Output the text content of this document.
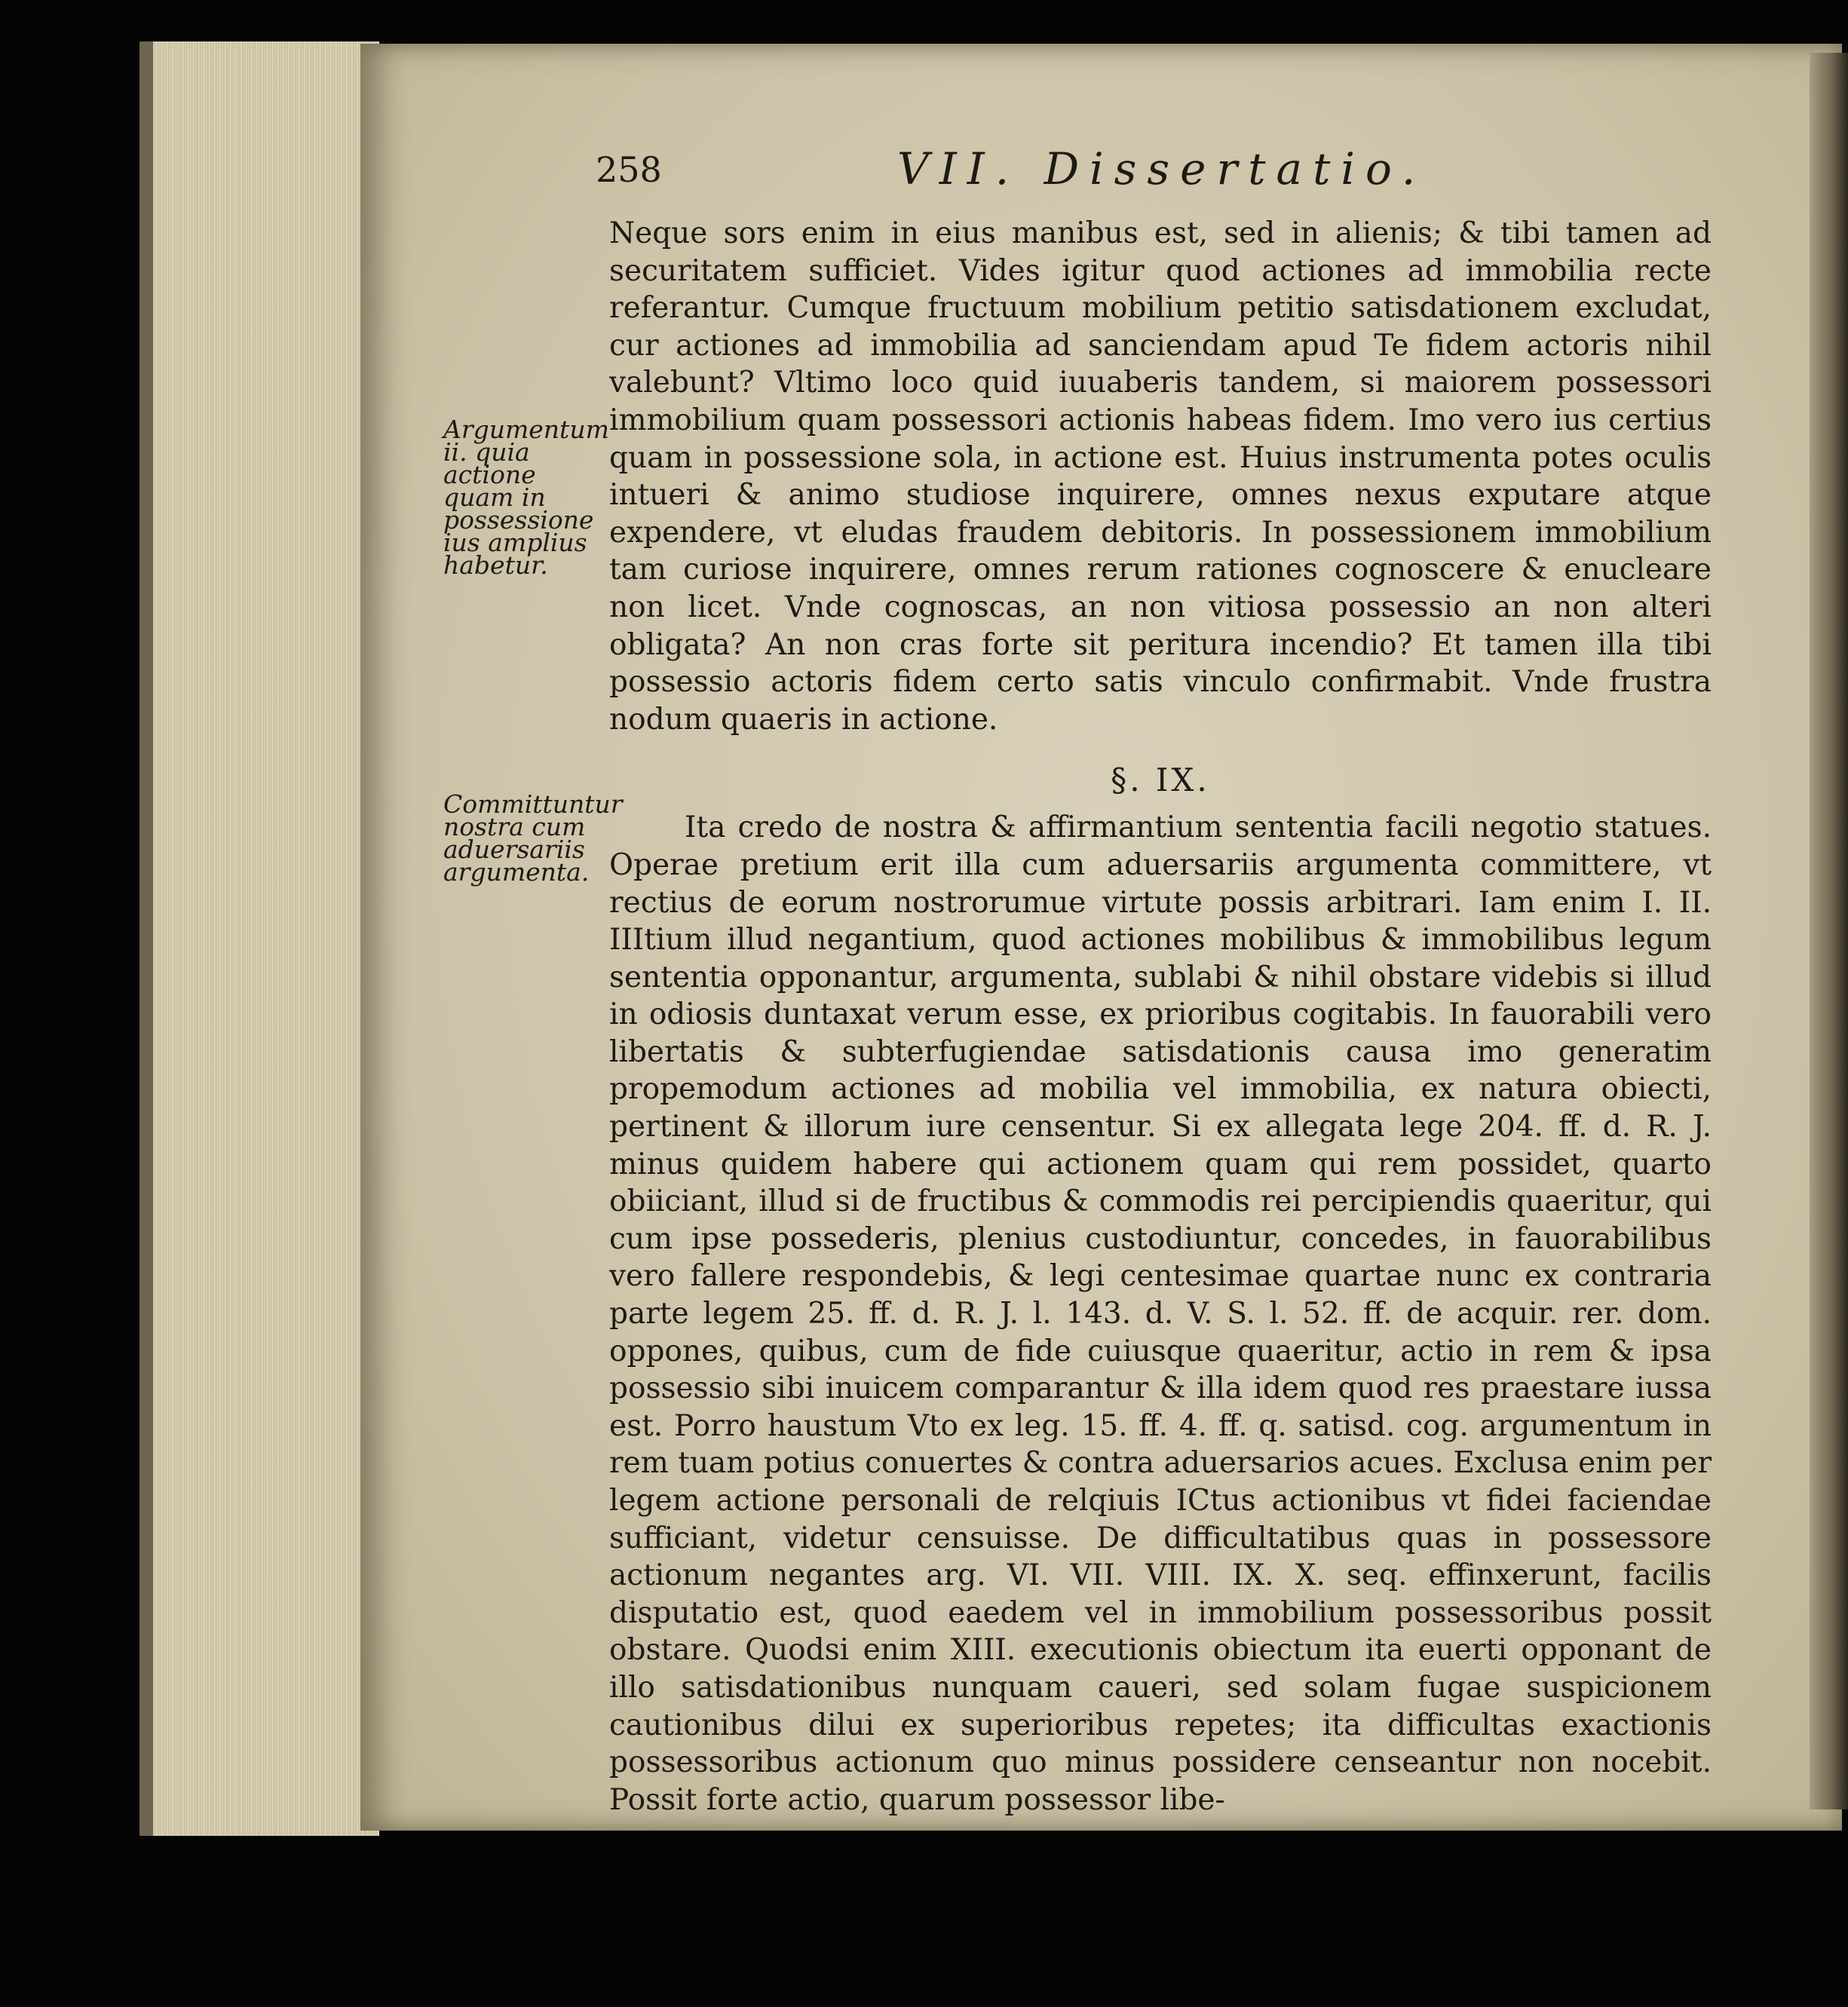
258	VII. Dissertatio.
Argumentum ii. quia actione quam in possessione ius amplius habetur.
Committuntur nostra cum aduersariis argumenta.

Neque sors enim in eius manibus est, sed in alienis; & tibi tamen ad securitatem sufficiet. Vides igitur quod actiones ad immobilia recte referantur. Cumque fructuum mobilium petitio satisdationem excludat, cur actiones ad immobilia ad sanciendam apud Te fidem actoris nihil valebunt? Vltimo loco quid iuuaberis tandem, si maiorem possessori immobilium quam possessori actionis habeas fidem. Imo vero ius certius quam in possessione sola, in actione est. Huius instrumenta potes oculis intueri & animo studiose inquirere, omnes nexus exputare atque expendere, vt eludas fraudem debitoris. In possessionem immobilium tam curiose inquirere, omnes rerum rationes cognoscere & enucleare non licet. Vnde cognoscas, an non vitiosa possessio an non alteri obligata? An non cras forte sit peritura incendio? Et tamen illa tibi possessio actoris fidem certo satis vinculo confirmabit. Vnde frustra nodum quaeris in actione.

§. IX.

Ita credo de nostra & affirmantium sententia facili negotio statues. Operae pretium erit illa cum aduersariis argumenta committere, vt rectius de eorum nostrorumue virtute possis arbitrari. Iam enim I. II. IIItium illud negantium, quod actiones mobilibus & immobilibus legum sententia opponantur, argumenta, sublabi & nihil obstare videbis si illud in odiosis duntaxat verum esse, ex prioribus cogitabis. In fauorabili vero libertatis & subterfugiendae satisdationis causa imo generatim propemodum actiones ad mobilia vel immobilia, ex natura obiecti, pertinent & illorum iure censentur. Si ex allegata lege 204. ff. d. R. J. minus quidem habere qui actionem quam qui rem possidet, quarto obiiciant, illud si de fructibus & commodis rei percipiendis quaeritur, qui cum ipse possederis, plenius custodiuntur, concedes, in fauorabilibus vero fallere respondebis, & legi centesimae quartae nunc ex contraria parte legem 25. ff. d. R. J. l. 143. d. V. S. l. 52. ff. de acquir. rer. dom. oppones, quibus, cum de fide cuiusque quaeritur, actio in rem & ipsa possessio sibi inuicem comparantur & illa idem quod res praestare iussa est. Porro haustum Vto ex leg. 15. ff. 4. ff. q. satisd. cog. argumentum in rem tuam potius conuertes & contra aduersarios acues. Exclusa enim per legem actione personali de relqiuis ICtus actionibus vt fidei faciendae sufficiant, videtur censuisse. De difficultatibus quas in possessore actionum negantes arg. VI. VII. VIII. IX. X. seq. effinxerunt, facilis disputatio est, quod eaedem vel in immobilium possessoribus possit obstare. Quodsi enim XIII. executionis obiectum ita euerti opponant de illo satisdationibus nunquam caueri, sed solam fugae suspicionem cautionibus dilui ex superioribus repetes; ita difficultas exactionis possessoribus actionum quo minus possidere censeantur non nocebit. Possit forte actio, quarum possessor libe-
